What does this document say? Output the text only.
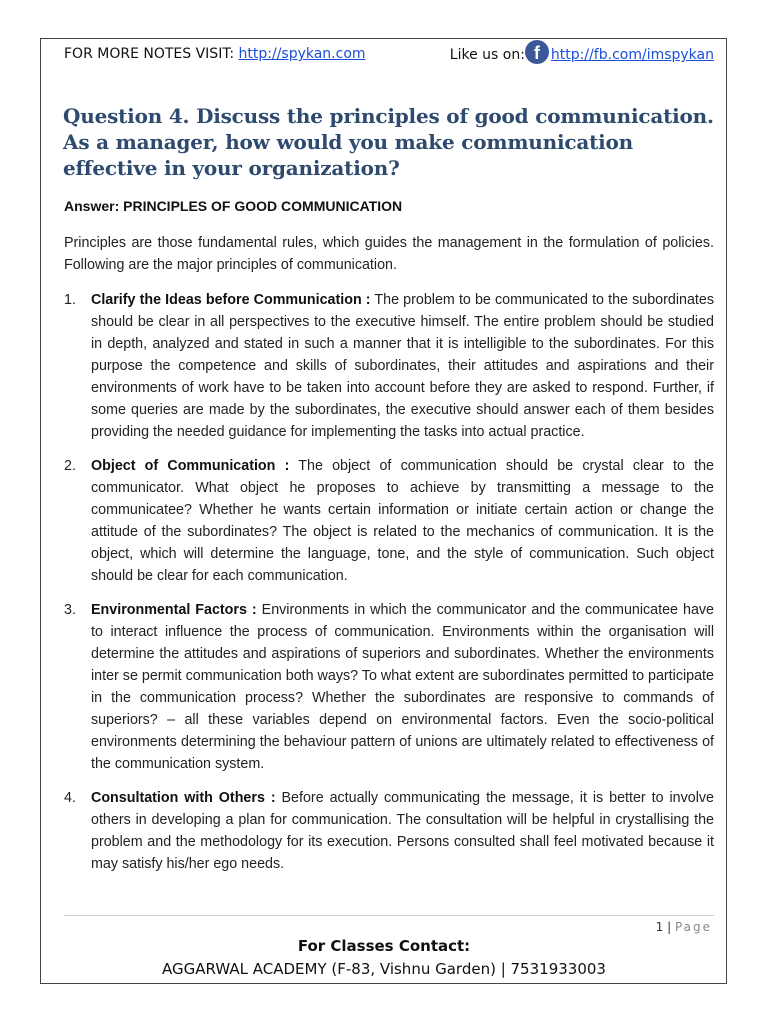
FOR MORE NOTES VISIT: http://spykan.com	Like us on: f http://fb.com/imspykan
Question 4. Discuss the principles of good communication. As a manager, how would you make communication effective in your organization?
Answer: PRINCIPLES OF GOOD COMMUNICATION
Principles are those fundamental rules, which guides the management in the formulation of policies. Following are the major principles of communication.
1. Clarify the Ideas before Communication : The problem to be communicated to the subordinates should be clear in all perspectives to the executive himself. The entire problem should be studied in depth, analyzed and stated in such a manner that it is intelligible to the subordinates. For this purpose the competence and skills of subordinates, their attitudes and aspirations and their environments of work have to be taken into account before they are asked to respond. Further, if some queries are made by the subordinates, the executive should answer each of them besides providing the needed guidance for implementing the tasks into actual practice.
2. Object of Communication : The object of communication should be crystal clear to the communicator. What object he proposes to achieve by transmitting a message to the communicatee? Whether he wants certain information or initiate certain action or change the attitude of the subordinates? The object is related to the mechanics of communication. It is the object, which will determine the language, tone, and the style of communication. Such object should be clear for each communication.
3. Environmental Factors : Environments in which the communicator and the communicatee have to interact influence the process of communication. Environments within the organisation will determine the attitudes and aspirations of superiors and subordinates. Whether the environments inter se permit communication both ways? To what extent are subordinates permitted to participate in the communication process? Whether the subordinates are responsive to commands of superiors? – all these variables depend on environmental factors. Even the socio-political environments determining the behaviour pattern of unions are ultimately related to effectiveness of the communication system.
4. Consultation with Others : Before actually communicating the message, it is better to involve others in developing a plan for communication. The consultation will be helpful in crystallising the problem and the methodology for its execution. Persons consulted shall feel motivated because it may satisfy his/her ego needs.
1 | Page
For Classes Contact:
AGGARWAL ACADEMY (F-83, Vishnu Garden) | 7531933003
